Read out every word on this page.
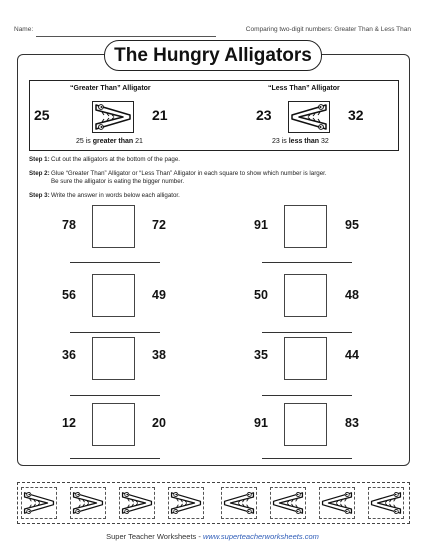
Name:	Comparing two-digit numbers: Greater Than & Less Than
The Hungry Alligators
“Greater Than” Alligator
25	21
25 is greater than 21
“Less Than” Alligator
23	32
23 is less than 32
Step 1:Cut out the alligators at the bottom of the page.
Step 2:Glue “Greater Than” Alligator or “Less Than” Alligator in each square to show which number is larger.
Be sure the alligator is eating the bigger number.
Step 3:Write the answer in words below each alligator.
78	72
56	49
36	38
12	20
91	95
50	48
35	44
91	83
Super Teacher Worksheets - www.superteacherworksheets.com
